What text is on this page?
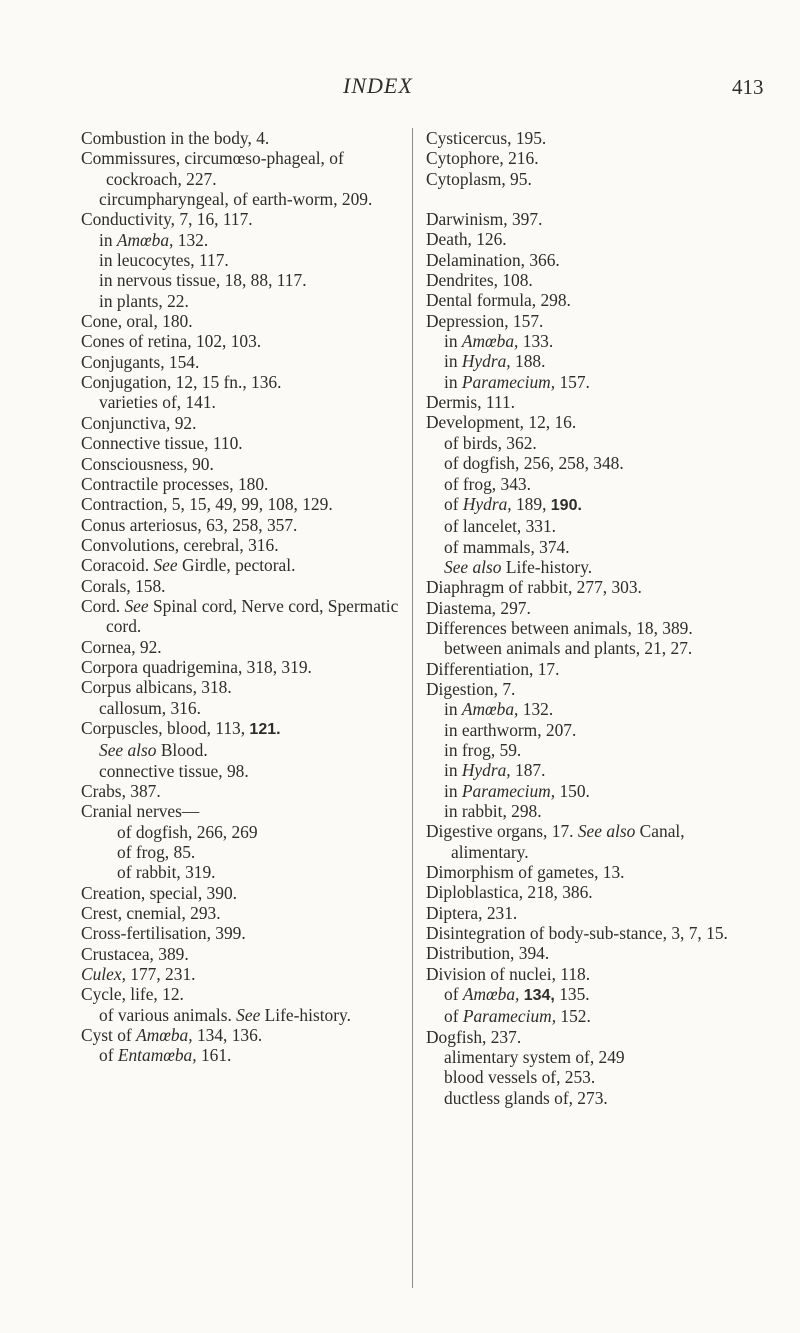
INDEX	413
Combustion in the body, 4.
Commissures, circumœso-phageal, of cockroach, 227.
circumpharyngeal, of earth-worm, 209.
Conductivity, 7, 16, 117.
in Amœba, 132.
in leucocytes, 117.
in nervous tissue, 18, 88, 117.
in plants, 22.
Cone, oral, 180.
Cones of retina, 102, 103.
Conjugants, 154.
Conjugation, 12, 15 fn., 136.
varieties of, 141.
Conjunctiva, 92.
Connective tissue, 110.
Consciousness, 90.
Contractile processes, 180.
Contraction, 5, 15, 49, 99, 108, 129.
Conus arteriosus, 63, 258, 357.
Convolutions, cerebral, 316.
Coracoid. See Girdle, pectoral.
Corals, 158.
Cord. See Spinal cord, Nerve cord, Spermatic cord.
Cornea, 92.
Corpora quadrigemina, 318, 319.
Corpus albicans, 318.
callosum, 316.
Corpuscles, blood, 113, 121.
See also Blood.
connective tissue, 98.
Crabs, 387.
Cranial nerves—
of dogfish, 266, 269
of frog, 85.
of rabbit, 319.
Creation, special, 390.
Crest, cnemial, 293.
Cross-fertilisation, 399.
Crustacea, 389.
Culex, 177, 231.
Cycle, life, 12.
of various animals. See Life-history.
Cyst of Amœba, 134, 136.
of Entamœba, 161.
Cysticercus, 195.
Cytophore, 216.
Cytoplasm, 95.
Darwinism, 397.
Death, 126.
Delamination, 366.
Dendrites, 108.
Dental formula, 298.
Depression, 157.
in Amœba, 133.
in Hydra, 188.
in Paramecium, 157.
Dermis, 111.
Development, 12, 16.
of birds, 362.
of dogfish, 256, 258, 348.
of frog, 343.
of Hydra, 189, 190.
of lancelet, 331.
of mammals, 374.
See also Life-history.
Diaphragm of rabbit, 277, 303.
Diastema, 297.
Differences between animals, 18, 389.
between animals and plants, 21, 27.
Differentiation, 17.
Digestion, 7.
in Amœba, 132.
in earthworm, 207.
in frog, 59.
in Hydra, 187.
in Paramecium, 150.
in rabbit, 298.
Digestive organs, 17. See also Canal, alimentary.
Dimorphism of gametes, 13.
Diploblastica, 218, 386.
Diptera, 231.
Disintegration of body-sub-stance, 3, 7, 15.
Distribution, 394.
Division of nuclei, 118.
of Amœba, 134, 135.
of Paramecium, 152.
Dogfish, 237.
alimentary system of, 249
blood vessels of, 253.
ductless glands of, 273.
